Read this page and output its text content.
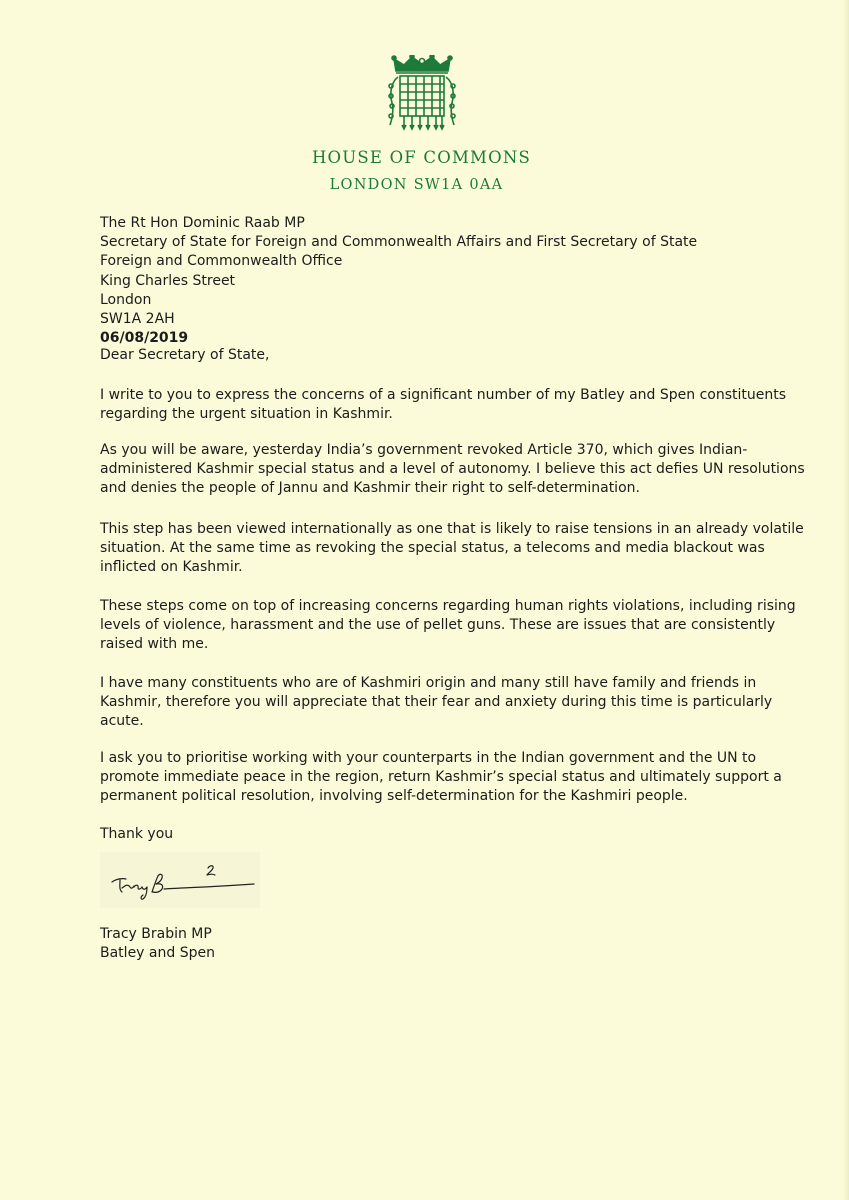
HOUSE OF COMMONS
LONDON SW1A 0AA
The Rt Hon Dominic Raab MP
Secretary of State for Foreign and Commonwealth Affairs and First Secretary of State
Foreign and Commonwealth Office
King Charles Street
London
SW1A 2AH
06/08/2019

Dear Secretary of State,

I write to you to express the concerns of a significant number of my Batley and Spen constituents
regarding the urgent situation in Kashmir.

As you will be aware, yesterday India’s government revoked Article 370, which gives Indian-
administered Kashmir special status and a level of autonomy. I believe this act defies UN resolutions
and denies the people of Jannu and Kashmir their right to self-determination.

This step has been viewed internationally as one that is likely to raise tensions in an already volatile
situation. At the same time as revoking the special status, a telecoms and media blackout was
inflicted on Kashmir.

These steps come on top of increasing concerns regarding human rights violations, including rising
levels of violence, harassment and the use of pellet guns. These are issues that are consistently
raised with me.

I have many constituents who are of Kashmiri origin and many still have family and friends in
Kashmir, therefore you will appreciate that their fear and anxiety during this time is particularly
acute.

I ask you to prioritise working with your counterparts in the Indian government and the UN to
promote immediate peace in the region, return Kashmir’s special status and ultimately support a
permanent political resolution, involving self-determination for the Kashmiri people.

Thank you

Tracy Brabin MP
Batley and Spen
